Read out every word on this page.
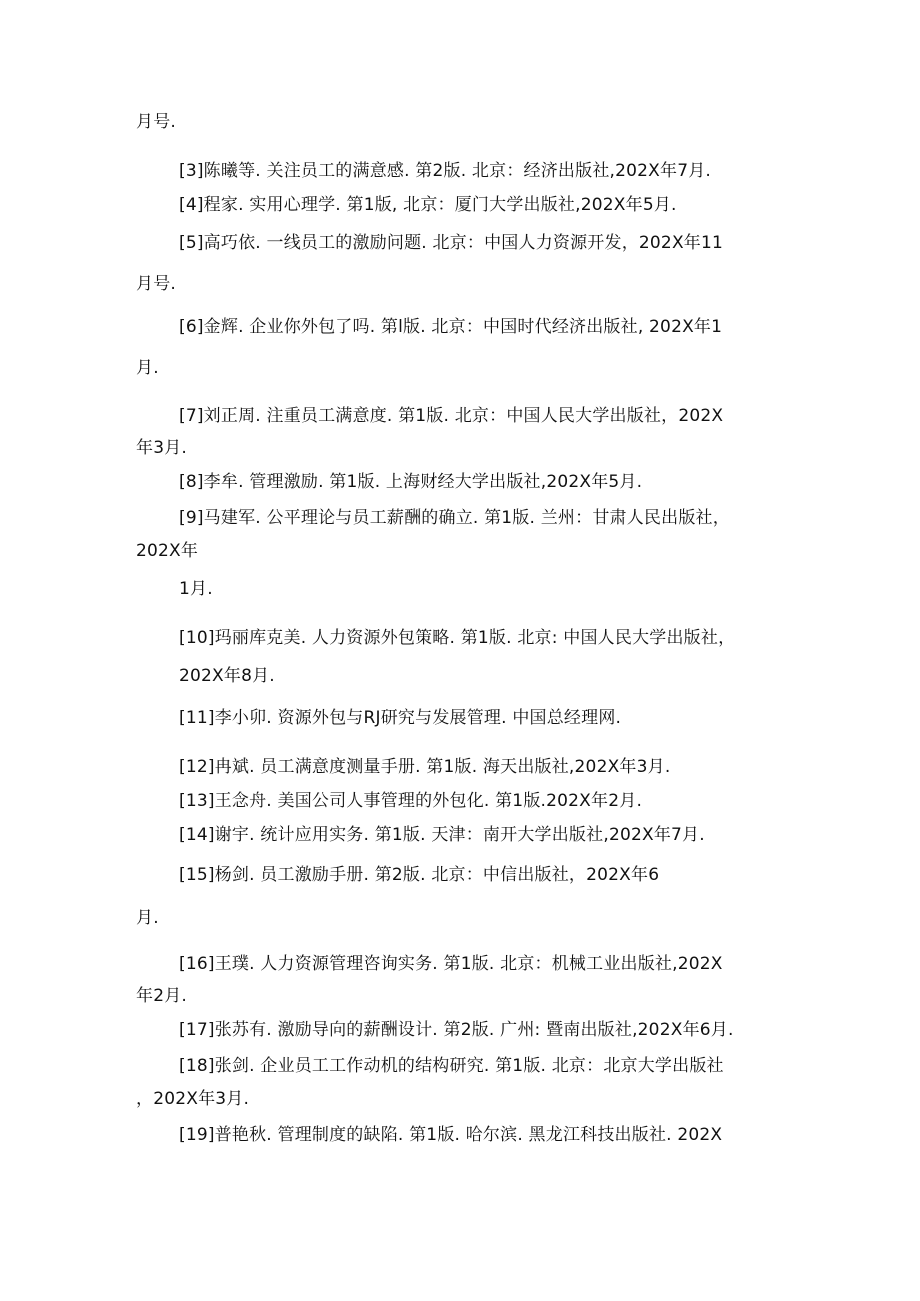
月号.
[3]陈曦等. 关注员工的满意感. 第2版. 北京：经济出版社,202X年7月.
[4]程家. 实用心理学. 第1版, 北京：厦门大学出版社,202X年5月.
[5]高巧依. 一线员工的激励问题. 北京：中国人力资源开发，202X年11
月号.
[6]金辉. 企业你外包了吗. 第l版. 北京：中国时代经济出版社, 202X年1
月.
[7]刘正周. 注重员工满意度. 第1版. 北京：中国人民大学出版社，202X
年3月.
[8]李牟. 管理激励. 第1版. 上海财经大学出版社,202X年5月.
[9]马建军. 公平理论与员工薪酬的确立. 第1版. 兰州：甘肃人民出版社，
202X年
1月.
[10]玛丽库克美. 人力资源外包策略. 第1版. 北京: 中国人民大学出版社，
202X年8月.
[11]李小卯. 资源外包与RJ研究与发展管理. 中国总经理网.
[12]冉斌. 员工满意度测量手册. 第1版. 海天出版社,202X年3月.
[13]王念舟. 美国公司人事管理的外包化. 第1版.202X年2月.
[14]谢宇. 统计应用实务. 第1版. 天津：南开大学出版社,202X年7月.
[15]杨剑. 员工激励手册. 第2版. 北京：中信出版社，202X年6
月.
[16]王璞. 人力资源管理咨询实务. 第1版. 北京：机械工业出版社,202X
年2月.
[17]张苏有. 激励导向的薪酬设计. 第2版. 广州: 暨南出版社,202X年6月.
[18]张剑. 企业员工工作动机的结构研究. 第1版. 北京：北京大学出版社
，202X年3月.
[19]普艳秋. 管理制度的缺陷. 第1版. 哈尔滨. 黑龙江科技出版社. 202X
